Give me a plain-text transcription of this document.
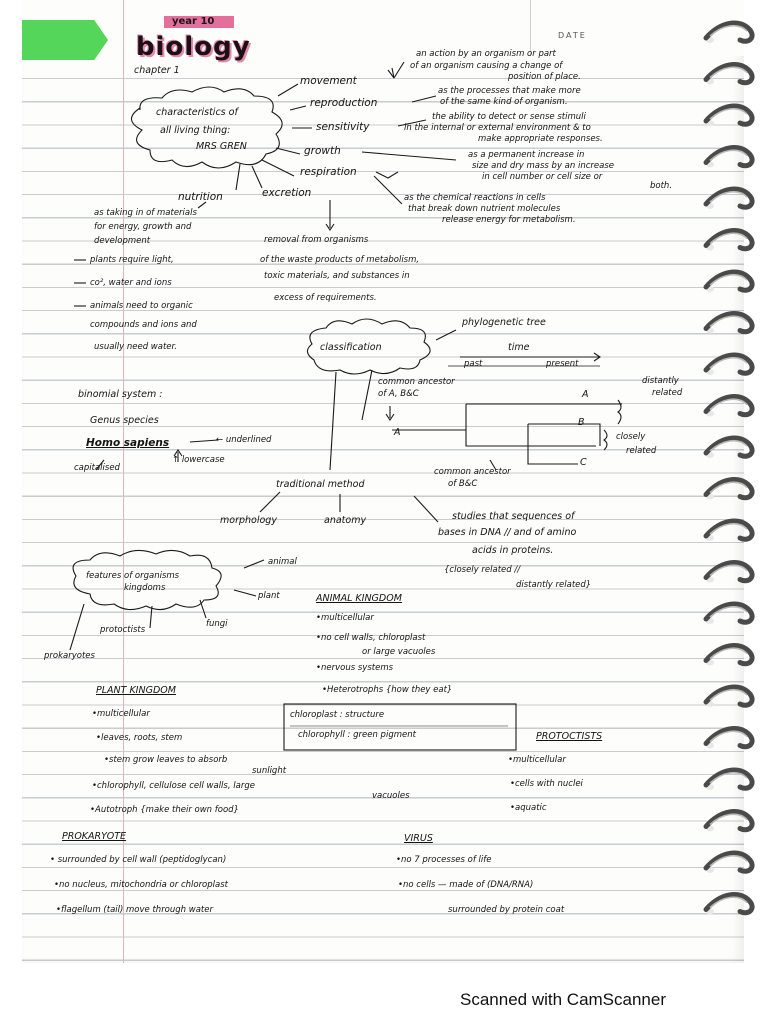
DATE
year 10
biology
chapter 1
characteristics of
all living thing:
MRS GREN
movement
reproduction
sensitivity
growth
respiration
nutrition	excretion
an action by an organism or part
of an organism causing a change of
position of place.
as the processes that make more
of the same kind of organism.
the ability to detect or sense stimuli
in the internal or external environment & to
make appropriate responses.
as a permanent increase in
size and dry mass by an increase
in cell number or cell size or
both.
as the chemical reactions in cells
that break down nutrient molecules
release energy for metabolism.
as taking in of materials
for energy, growth and
development
plants require light,
co², water and ions
animals need to organic
compounds and ions and
usually need water.
removal from organisms
of the waste products of metabolism,
toxic materials, and substances in
excess of requirements.
classification
phylogenetic tree
time
past	present
common ancestor
of A, B&C
common ancestor
of B&C
A
B
C
A
distantly
related
closely
related
binomial system :
Genus species
Homo sapiens	← underlined
↑ lowercase
capitalised
traditional method
morphology	anatomy	studies that sequences of
bases in DNA // and of amino
acids in proteins.
{closely related //
distantly related}
features of organisms
kingdoms
animal
plant
fungi
protoctists
prokaryotes
ANIMAL KINGDOM
•multicellular
•no cell walls, chloroplast
or large vacuoles
•nervous systems
•Heterotrophs {how they eat}
PLANT KINGDOM
•multicellular
•leaves, roots, stem
•stem grow leaves to absorb
sunlight
•chlorophyll, cellulose cell walls, large
vacuoles
•Autotroph {make their own food}
chloroplast : structure
chlorophyll : green pigment	PROTOCTISTS
•multicellular
•cells with nuclei
•aquatic
PROKARYOTE
• surrounded by cell wall (peptidoglycan)
•no nucleus, mitochondria or chloroplast
•flagellum (tail) move through water
VIRUS
•no 7 processes of life
•no cells — made of (DNA/RNA)
surrounded by protein coat
Scanned with CamScanner
